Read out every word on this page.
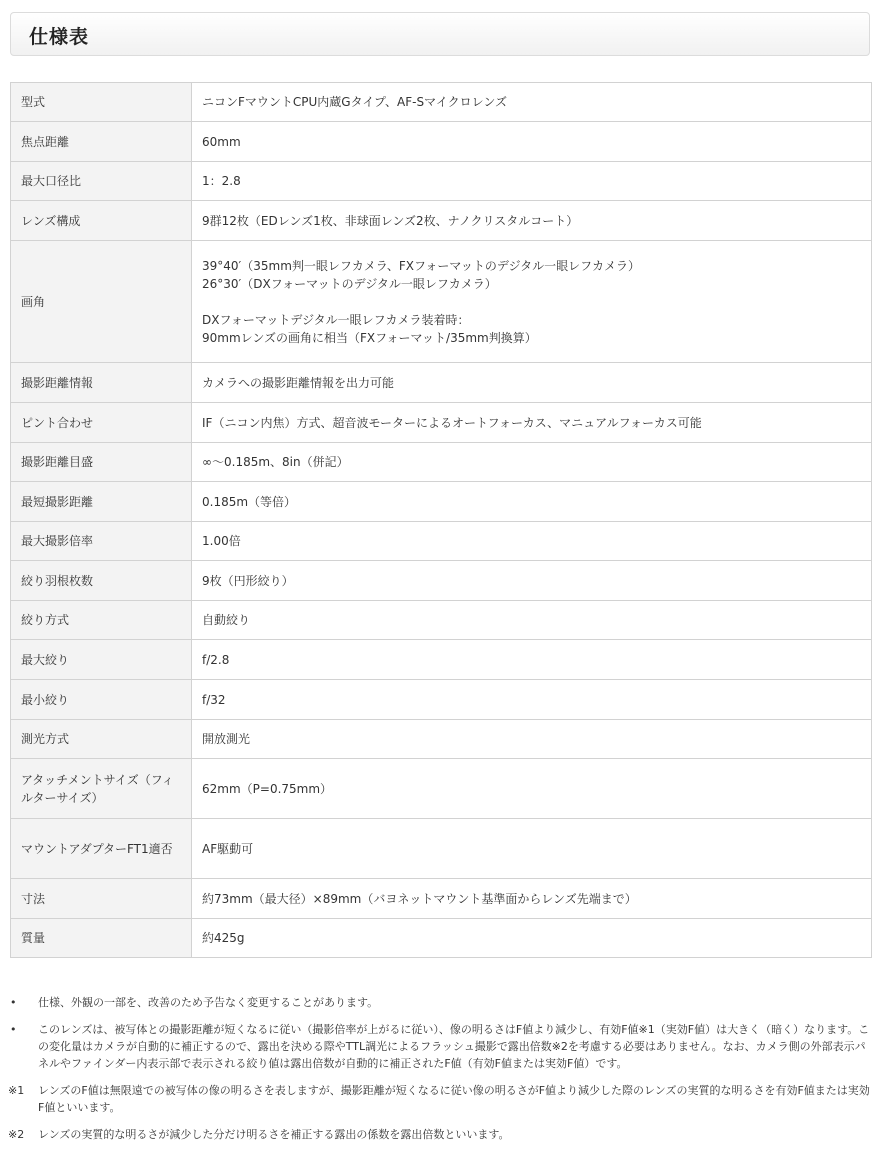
仕様表
型式	ニコンFマウントCPU内蔵Gタイプ、AF-Sマイクロレンズ

焦点距離	60mm

最大口径比	1：2.8

レンズ構成	9群12枚（EDレンズ1枚、非球面レンズ2枚、ナノクリスタルコート）

画角	39°40′（35mm判一眼レフカメラ、FXフォーマットのデジタル一眼レフカメラ）
26°30′（DXフォーマットのデジタル一眼レフカメラ）
DXフォーマットデジタル一眼レフカメラ装着時：
90mmレンズの画角に相当（FXフォーマット/35mm判換算）

撮影距離情報	カメラへの撮影距離情報を出力可能

ピント合わせ	IF（ニコン内焦）方式、超音波モーターによるオートフォーカス、マニュアルフォーカス可能

撮影距離目盛	∞～0.185m、8in（併記）

最短撮影距離	0.185m（等倍）

最大撮影倍率	1.00倍

絞り羽根枚数	9枚（円形絞り）

絞り方式	自動絞り

最大絞り	f/2.8

最小絞り	f/32

測光方式	開放測光

アタッチメントサイズ（フィルターサイズ）	62mm（P=0.75mm）

マウントアダプターFT1適否	AF駆動可

寸法	約73mm（最大径）×89mm（バヨネットマウント基準面からレンズ先端まで）

質量	約425g
•	仕様、外観の一部を、改善のため予告なく変更することがあります。
•	このレンズは、被写体との撮影距離が短くなるに従い（撮影倍率が上がるに従い）、像の明るさはF値より減少し、有効F値※1（実効F値）は大きく（暗く）なります。この変化量はカメラが自動的に補正するので、露出を決める際やTTL調光によるフラッシュ撮影で露出倍数※2を考慮する必要はありません。なお、カメラ側の外部表示パネルやファインダー内表示部で表示される絞り値は露出倍数が自動的に補正されたF値（有効F値または実効F値）です。
※1	レンズのF値は無限遠での被写体の像の明るさを表しますが、撮影距離が短くなるに従い像の明るさがF値より減少した際のレンズの実質的な明るさを有効F値または実効F値といいます。
※2	レンズの実質的な明るさが減少した分だけ明るさを補正する露出の係数を露出倍数といいます。
